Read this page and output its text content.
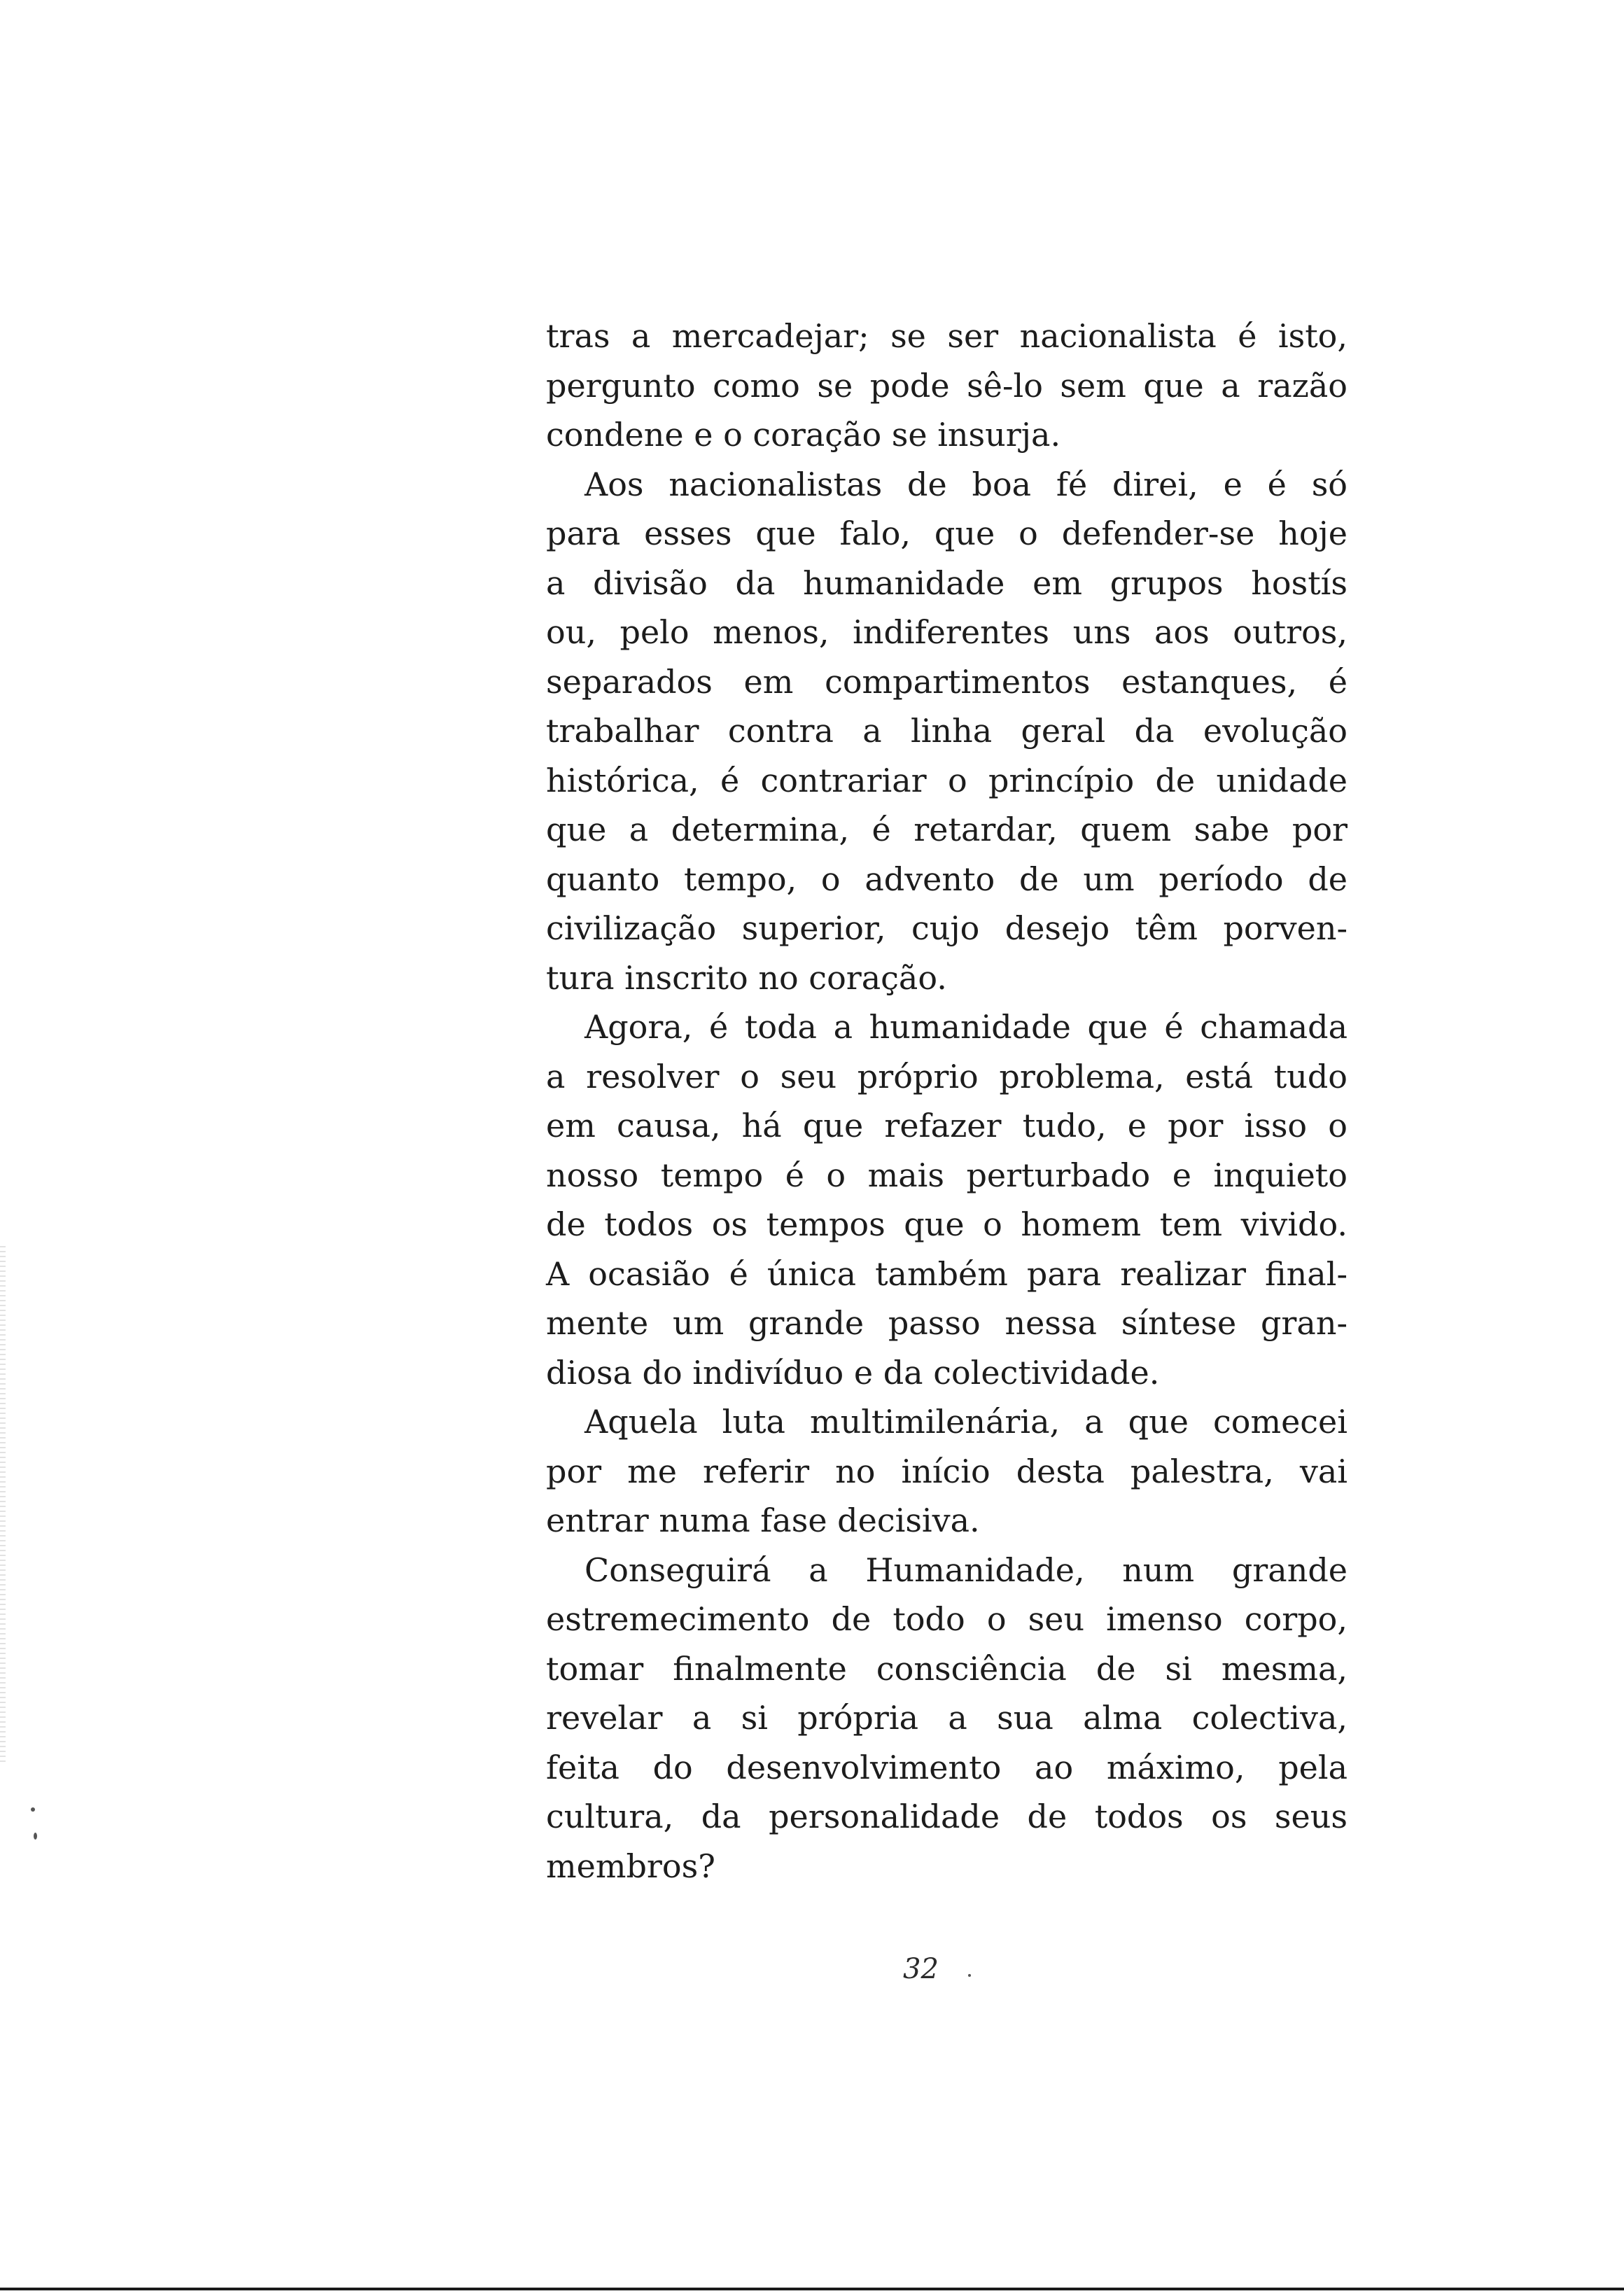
tras a mercadejar; se ser nacionalista é isto,
pergunto como se pode sê-lo sem que a razão
condene e o coração se insurja.

Aos nacionalistas de boa fé direi, e é só
para esses que falo, que o defender-se hoje
a divisão da humanidade em grupos hostís
ou, pelo menos, indiferentes uns aos outros,
separados em compartimentos estanques, é
trabalhar contra a linha geral da evolução
histórica, é contrariar o princípio de unidade
que a determina, é retardar, quem sabe por
quanto tempo, o advento de um período de
civilização superior, cujo desejo têm porven-
tura inscrito no coração.

Agora, é toda a humanidade que é chamada
a resolver o seu próprio problema, está tudo
em causa, há que refazer tudo, e por isso o
nosso tempo é o mais perturbado e inquieto
de todos os tempos que o homem tem vivido.
A ocasião é única também para realizar final-
mente um grande passo nessa síntese gran-
diosa do indivíduo e da colectividade.

Aquela luta multimilenária, a que comecei
por me referir no início desta palestra, vai
entrar numa fase decisiva.

Conseguirá a Humanidade, num grande
estremecimento de todo o seu imenso corpo,
tomar finalmente consciência de si mesma,
revelar a si própria a sua alma colectiva,
feita do desenvolvimento ao máximo, pela
cultura, da personalidade de todos os seus
membros?

32
